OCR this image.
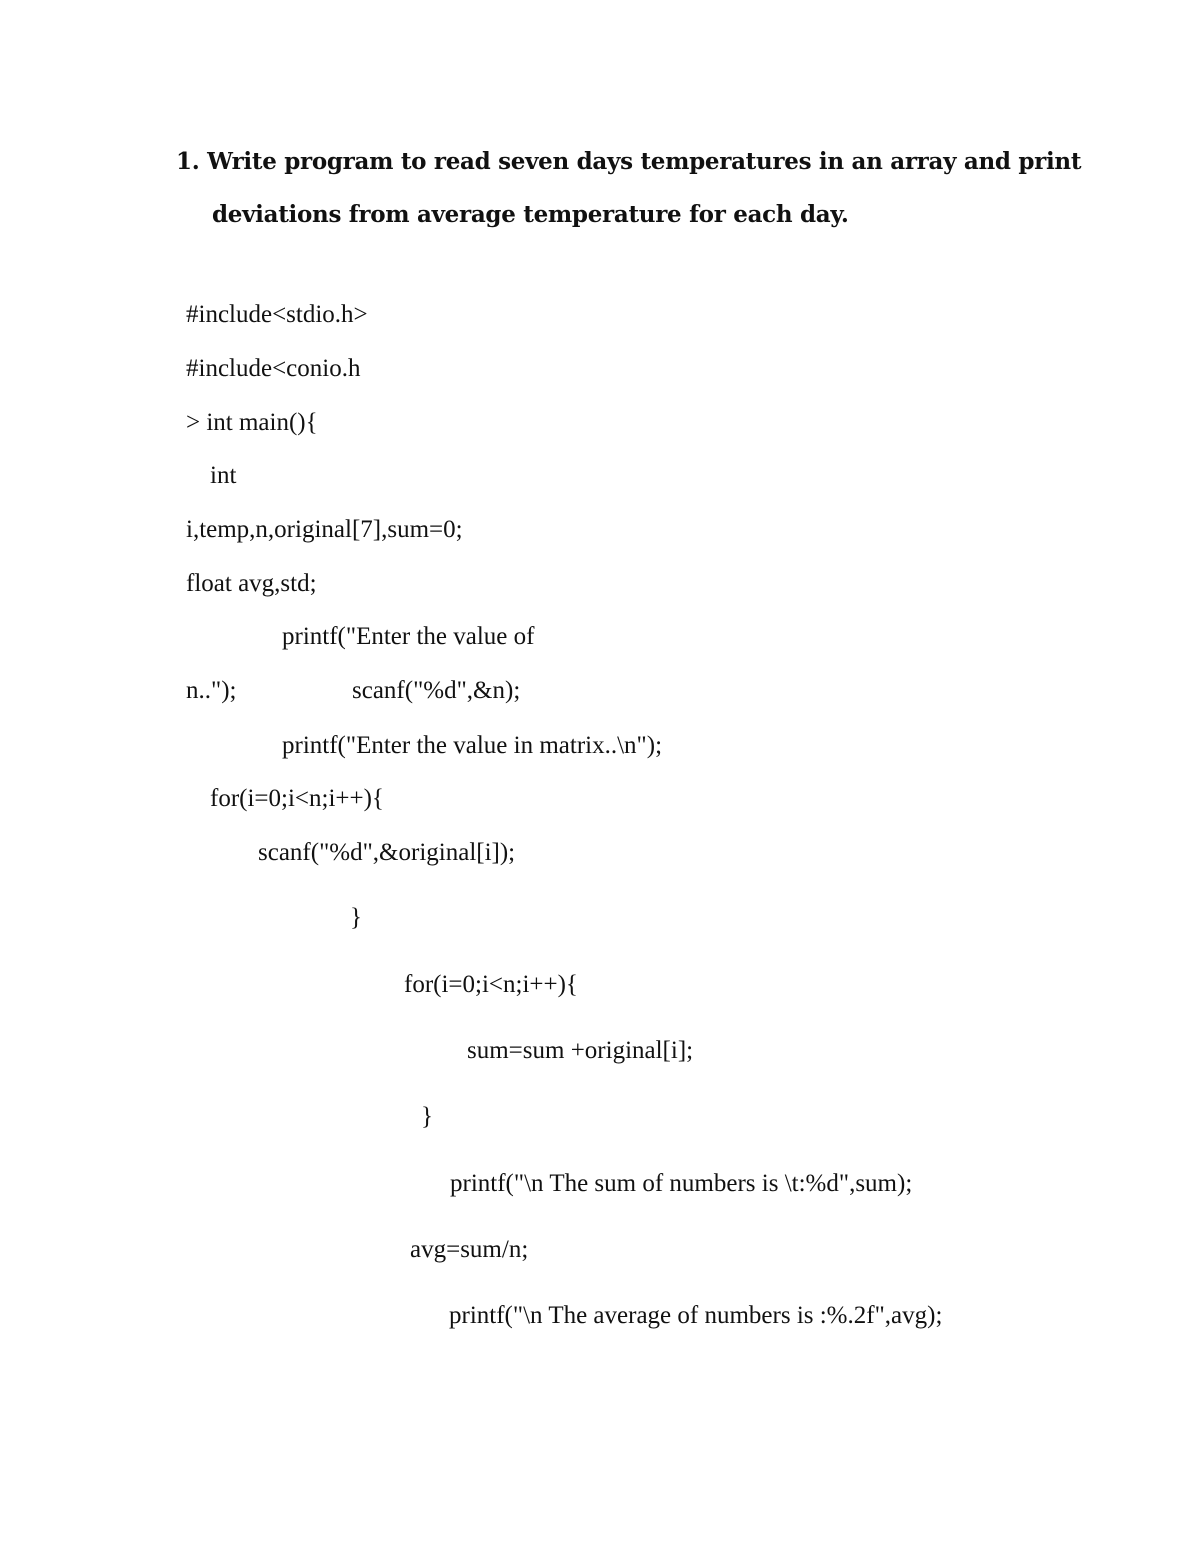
1. Write program to read seven days temperatures in an array and print
deviations from average temperature for each day.
#include<stdio.h>
#include<conio.h
> int main(){
int
i,temp,n,original[7],sum=0;
float avg,std;
printf("Enter the value of
n..");	scanf("%d",&n);
printf("Enter the value in matrix..\n");
for(i=0;i<n;i++){
scanf("%d",&original[i]);
}
for(i=0;i<n;i++){
sum=sum +original[i];
}
printf("\n The sum of numbers is \t:%d",sum);
avg=sum/n;
printf("\n The average of numbers is :%.2f",avg);
